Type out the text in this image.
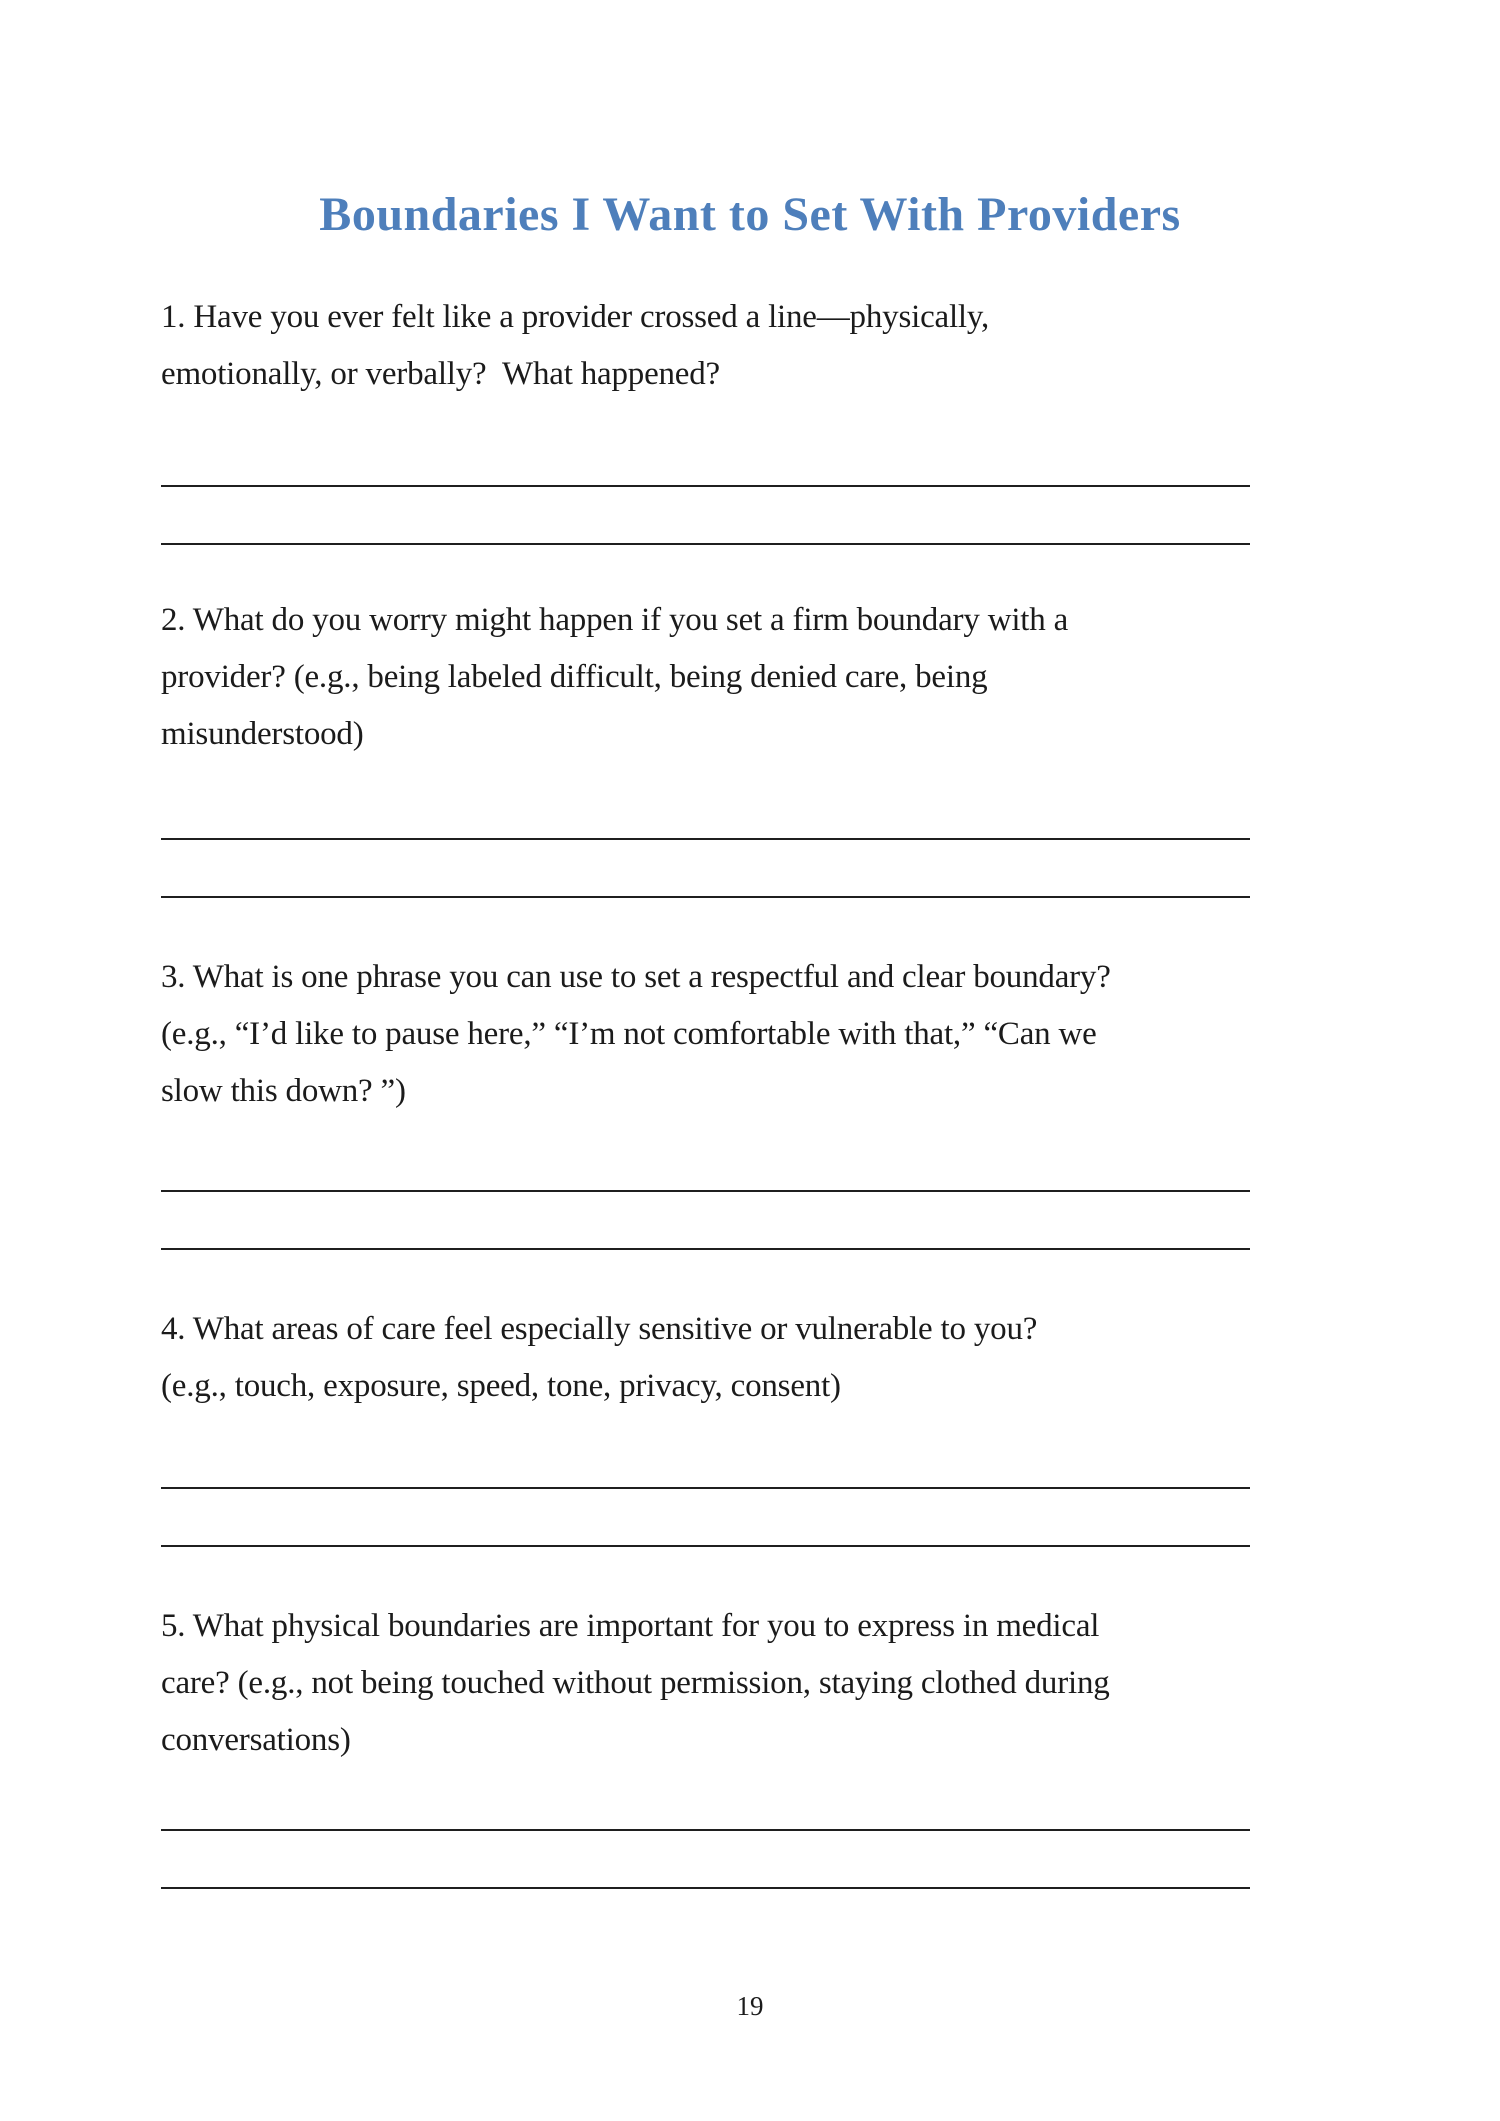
Boundaries I Want to Set With Providers
1. Have you ever felt like a provider crossed a line—physically,
emotionally, or verbally?  What happened?
2. What do you worry might happen if you set a firm boundary with a
provider? (e.g., being labeled difficult, being denied care, being
misunderstood)
3. What is one phrase you can use to set a respectful and clear boundary?
(e.g., “I’d like to pause here,” “I’m not comfortable with that,” “Can we
slow this down? ”)
4. What areas of care feel especially sensitive or vulnerable to you?
(e.g., touch, exposure, speed, tone, privacy, consent)
5. What physical boundaries are important for you to express in medical
care? (e.g., not being touched without permission, staying clothed during
conversations)
19
